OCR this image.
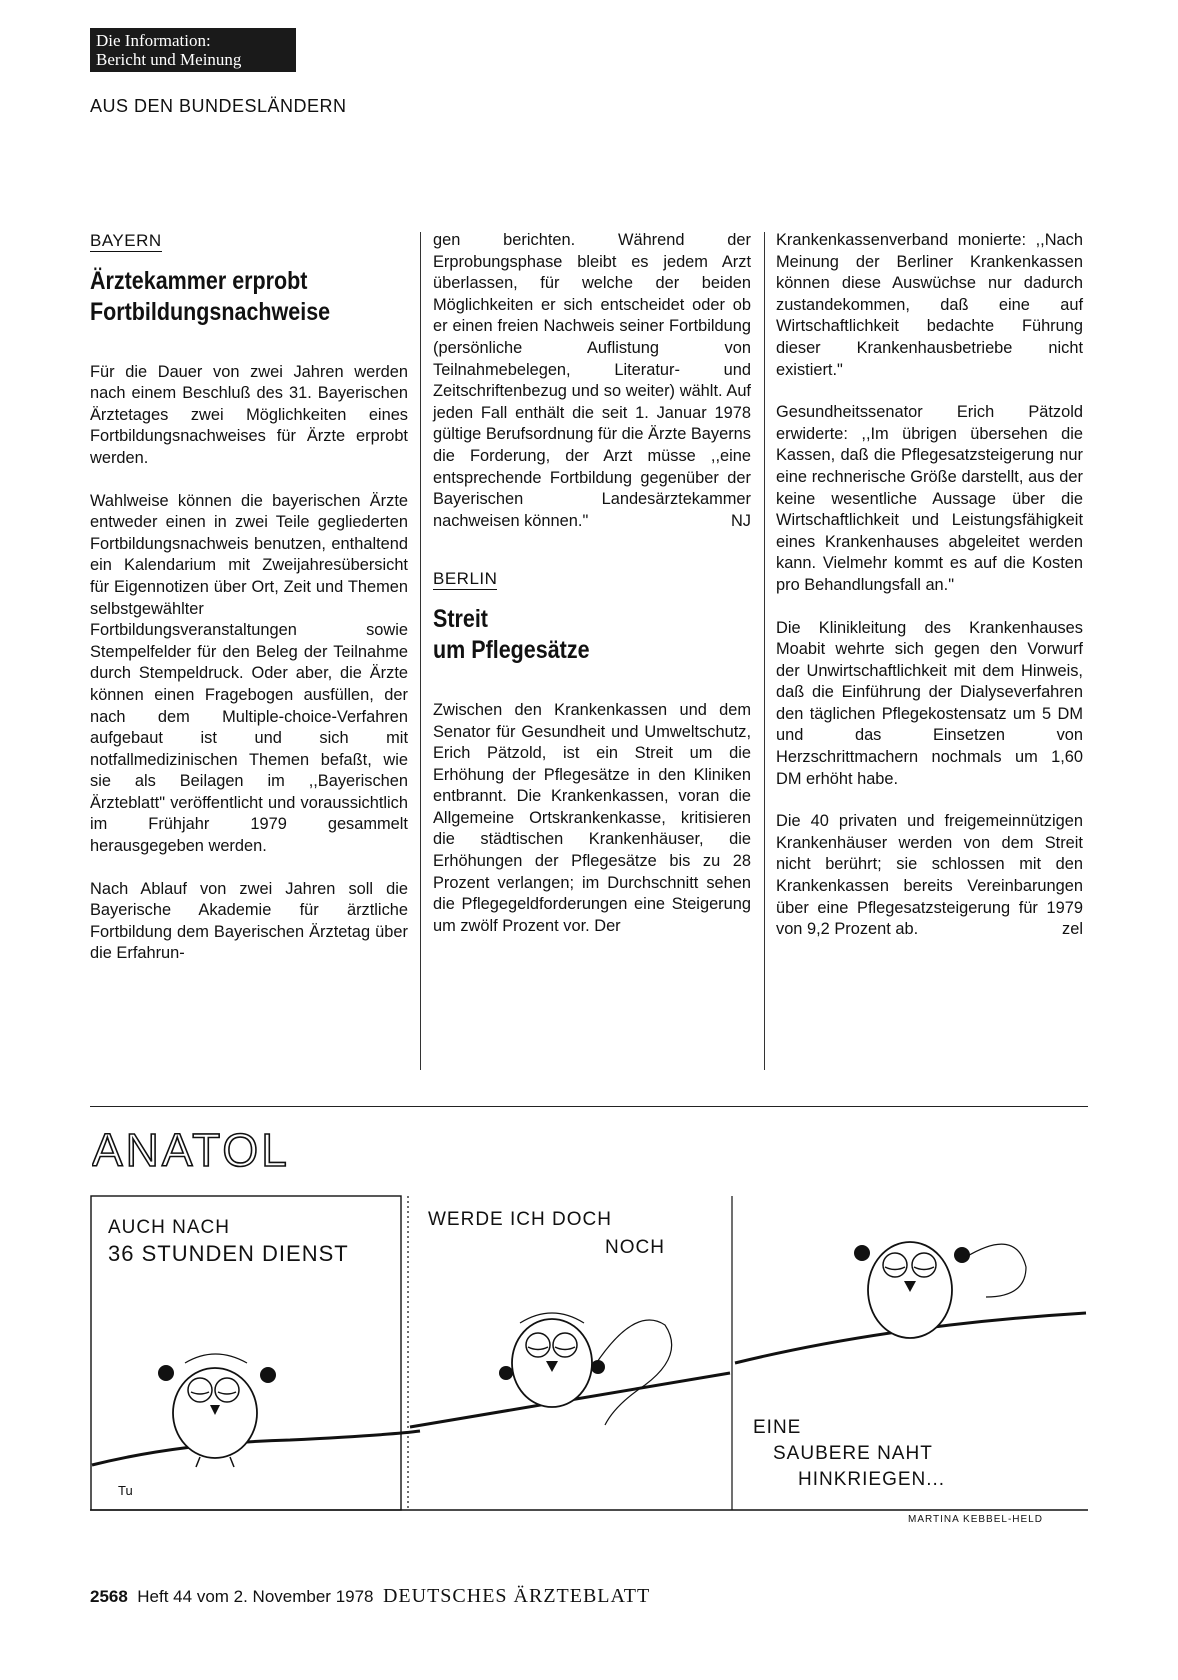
Die Information:
Bericht und Meinung
AUS DEN BUNDESLÄNDERN

BAYERN

Ärztekammer erprobt
Fortbildungsnachweise

Für die Dauer von zwei Jahren werden nach einem Beschluß des 31. Bayerischen Ärztetages zwei Möglichkeiten eines Fortbildungsnachweises für Ärzte erprobt werden.

Wahlweise können die bayerischen Ärzte entweder einen in zwei Teile gegliederten Fortbildungsnachweis benutzen, enthaltend ein Kalendarium mit Zweijahresübersicht für Eigennotizen über Ort, Zeit und Themen selbstgewählter Fortbildungsveranstaltungen sowie Stempelfelder für den Beleg der Teilnahme durch Stempeldruck. Oder aber, die Ärzte können einen Fragebogen ausfüllen, der nach dem Multiple-choice-Verfahren aufgebaut ist und sich mit notfallmedizinischen Themen befaßt, wie sie als Beilagen im ,,Bayerischen Ärzteblatt" veröffentlicht und voraussichtlich im Frühjahr 1979 gesammelt herausgegeben werden.

Nach Ablauf von zwei Jahren soll die Bayerische Akademie für ärztliche Fortbildung dem Bayerischen Ärztetag über die Erfahrun-

gen berichten. Während der Erprobungsphase bleibt es jedem Arzt überlassen, für welche der beiden Möglichkeiten er sich entscheidet oder ob er einen freien Nachweis seiner Fortbildung (persönliche Auflistung von Teilnahmebelegen, Literatur- und Zeitschriftenbezug und so weiter) wählt. Auf jeden Fall enthält die seit 1. Januar 1978 gültige Berufsordnung für die Ärzte Bayerns die Forderung, der Arzt müsse ,,eine entsprechende Fortbildung gegenüber der Bayerischen Landesärztekammer nachweisen können."	NJ

BERLIN

Streit
um Pflegesätze

Zwischen den Krankenkassen und dem Senator für Gesundheit und Umweltschutz, Erich Pätzold, ist ein Streit um die Erhöhung der Pflegesätze in den Kliniken entbrannt. Die Krankenkassen, voran die Allgemeine Ortskrankenkasse, kritisieren die städtischen Krankenhäuser, die Erhöhungen der Pflegesätze bis zu 28 Prozent verlangen; im Durchschnitt sehen die Pflegegeldforderungen eine Steigerung um zwölf Prozent vor. Der

Krankenkassenverband monierte: ,,Nach Meinung der Berliner Krankenkassen können diese Auswüchse nur dadurch zustandekommen, daß eine auf Wirtschaftlichkeit bedachte Führung dieser Krankenhausbetriebe nicht existiert."

Gesundheitssenator Erich Pätzold erwiderte: ,,Im übrigen übersehen die Kassen, daß die Pflegesatzsteigerung nur eine rechnerische Größe darstellt, aus der keine wesentliche Aussage über die Wirtschaftlichkeit und Leistungsfähigkeit eines Krankenhauses abgeleitet werden kann. Vielmehr kommt es auf die Kosten pro Behandlungsfall an."

Die Klinikleitung des Krankenhauses Moabit wehrte sich gegen den Vorwurf der Unwirtschaftlichkeit mit dem Hinweis, daß die Einführung der Dialyseverfahren den täglichen Pflegekostensatz um 5 DM und das Einsetzen von Herzschrittmachern nochmals um 1,60 DM erhöht habe.

Die 40 privaten und freigemeinnützigen Krankenhäuser werden von dem Streit nicht berührt; sie schlossen mit den Krankenkassen bereits Vereinbarungen über eine Pflegesatzsteigerung für 1979 von 9,2 Prozent ab.	zel

ANATOL
AUCH NACH
36 STUNDEN DIENST
Tu
WERDE ICH DOCH
NOCH
EINE
SAUBERE NAHT
HINKRIEGEN...
MARTINA KEBBEL-HELD
2568 Heft 44 vom 2. November 1978 DEUTSCHES ÄRZTEBLATT
